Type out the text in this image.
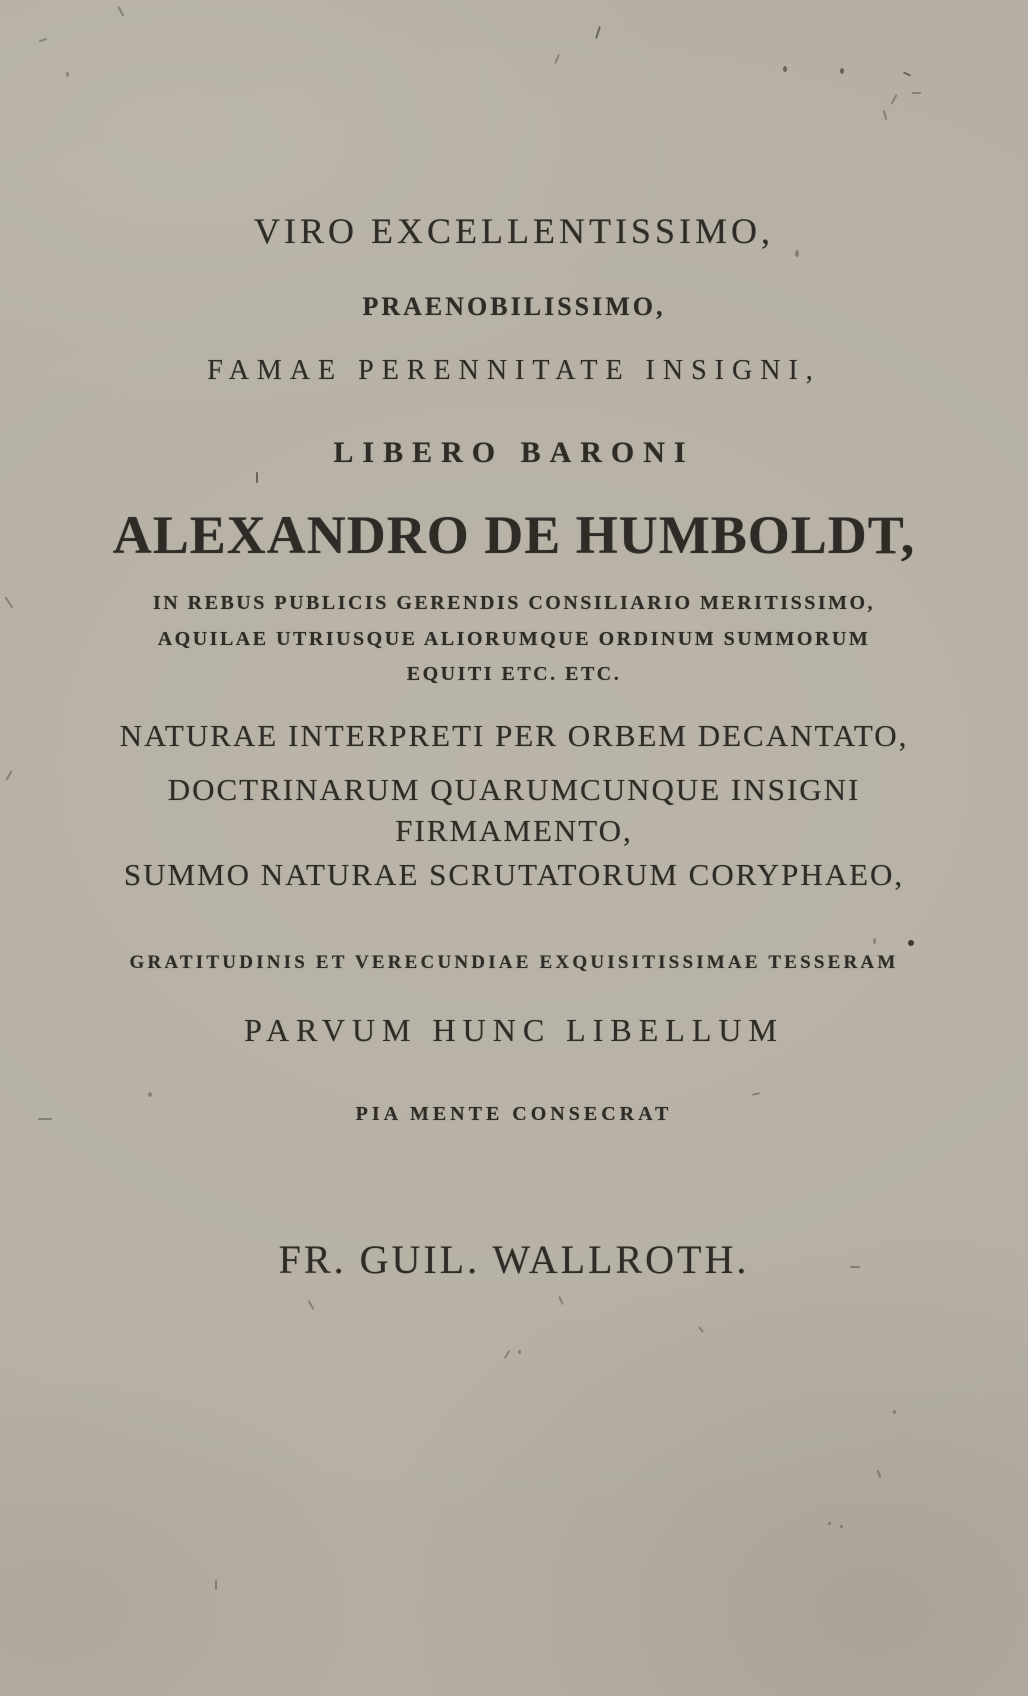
VIRO EXCELLENTISSIMO,
PRAENOBILISSIMO,
FAMAE PERENNITATE INSIGNI,
LIBERO BARONI
ALEXANDRO DE HUMBOLDT,
IN REBUS PUBLICIS GERENDIS CONSILIARIO MERITISSIMO,
AQUILAE UTRIUSQUE ALIORUMQUE ORDINUM SUMMORUM
EQUITI ETC. ETC.
NATURAE INTERPRETI PER ORBEM DECANTATO,
DOCTRINARUM QUARUMCUNQUE INSIGNI
FIRMAMENTO,
SUMMO NATURAE SCRUTATORUM CORYPHAEO,
GRATITUDINIS ET VERECUNDIAE EXQUISITISSIMAE TESSERAM
PARVUM HUNC LIBELLUM
PIA MENTE CONSECRAT
FR. GUIL. WALLROTH.
